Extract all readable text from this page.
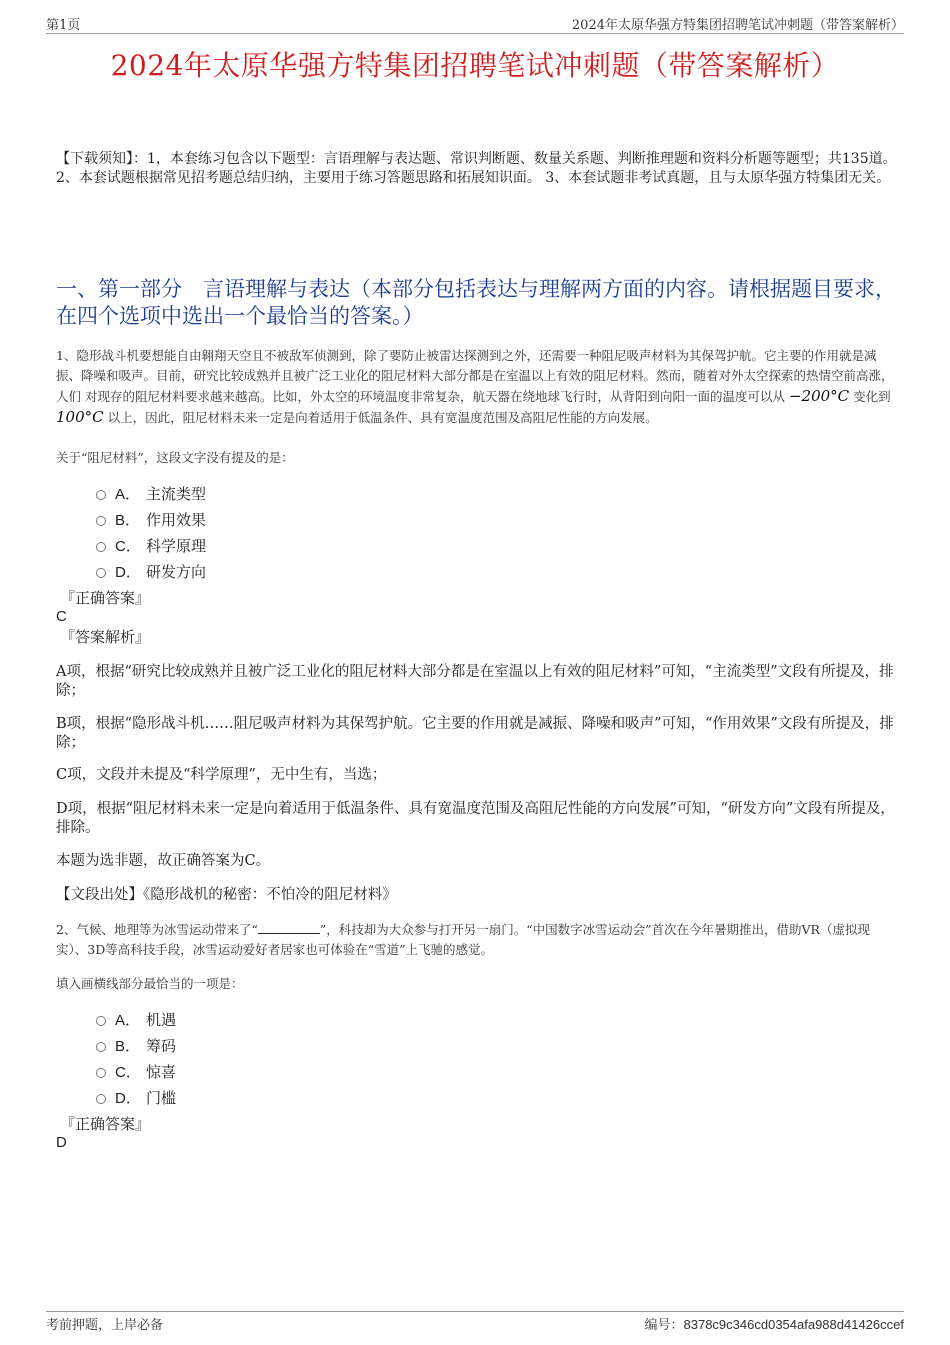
第1页	2024年太原华强方特集团招聘笔试冲刺题（带答案解析）
2024年太原华强方特集团招聘笔试冲刺题（带答案解析）
【下载须知】：1，本套练习包含以下题型：言语理解与表达题、常识判断题、数量关系题、判断推理题和资料分析题等题型；共135道。 2、本套试题根据常见招考题总结归纳，主要用于练习答题思路和拓展知识面。 3、本套试题非考试真题，且与太原华强方特集团无关。
一、第一部分　言语理解与表达（本部分包括表达与理解两方面的内容。请根据题目要求，在四个选项中选出一个最恰当的答案。）
1、隐形战斗机要想能自由翱翔天空且不被敌军侦测到，除了要防止被雷达探测到之外，还需要一种阻尼吸声材料为其保驾护航。它主要的作用就是减振、降噪和吸声。目前，研究比较成熟并且被广泛工业化的阻尼材料大部分都是在室温以上有效的阻尼材料。然而，随着对外太空探索的热情空前高涨， 人们 对现存的阻尼材料要求越来越高。比如，外太空的环境温度非常复杂，航天器在绕地球飞行时，从背阳到向阳一面的温度可以从 −200°C 变化到 100°C 以上，因此，阻尼材料未来一定是向着适用于低温条件、具有宽温度范围及高阻尼性能的方向发展。
关于“阻尼材料”，这段文字没有提及的是：
A． 主流类型
B． 作用效果
C． 科学原理
D． 研发方向
『正确答案』
C
『答案解析』
A项，根据“研究比较成熟并且被广泛工业化的阻尼材料大部分都是在室温以上有效的阻尼材料”可知，“主流类型”文段有所提及，排除；
B项，根据“隐形战斗机……阻尼吸声材料为其保驾护航。它主要的作用就是减振、降噪和吸声”可知，“作用效果”文段有所提及，排除；
C项，文段并未提及“科学原理”，无中生有，当选；
D项，根据“阻尼材料未来一定是向着适用于低温条件、具有宽温度范围及高阻尼性能的方向发展”可知，“研发方向”文段有所提及，排除。
本题为选非题，故正确答案为C。
【文段出处】《隐形战机的秘密：不怕冷的阻尼材料》
2、气候、地理等为冰雪运动带来了“	”，科技却为大众参与打开另一扇门。“中国数字冰雪运动会”首次在今年暑期推出，借助VR（虚拟现实）、3D等高科技手段，冰雪运动爱好者居家也可体验在“雪道”上飞驰的感觉。
填入画横线部分最恰当的一项是：
A． 机遇
B． 筹码
C． 惊喜
D． 门槛
『正确答案』
D
考前押题，上岸必备	编号：8378c9c346cd0354afa988d41426ccef
